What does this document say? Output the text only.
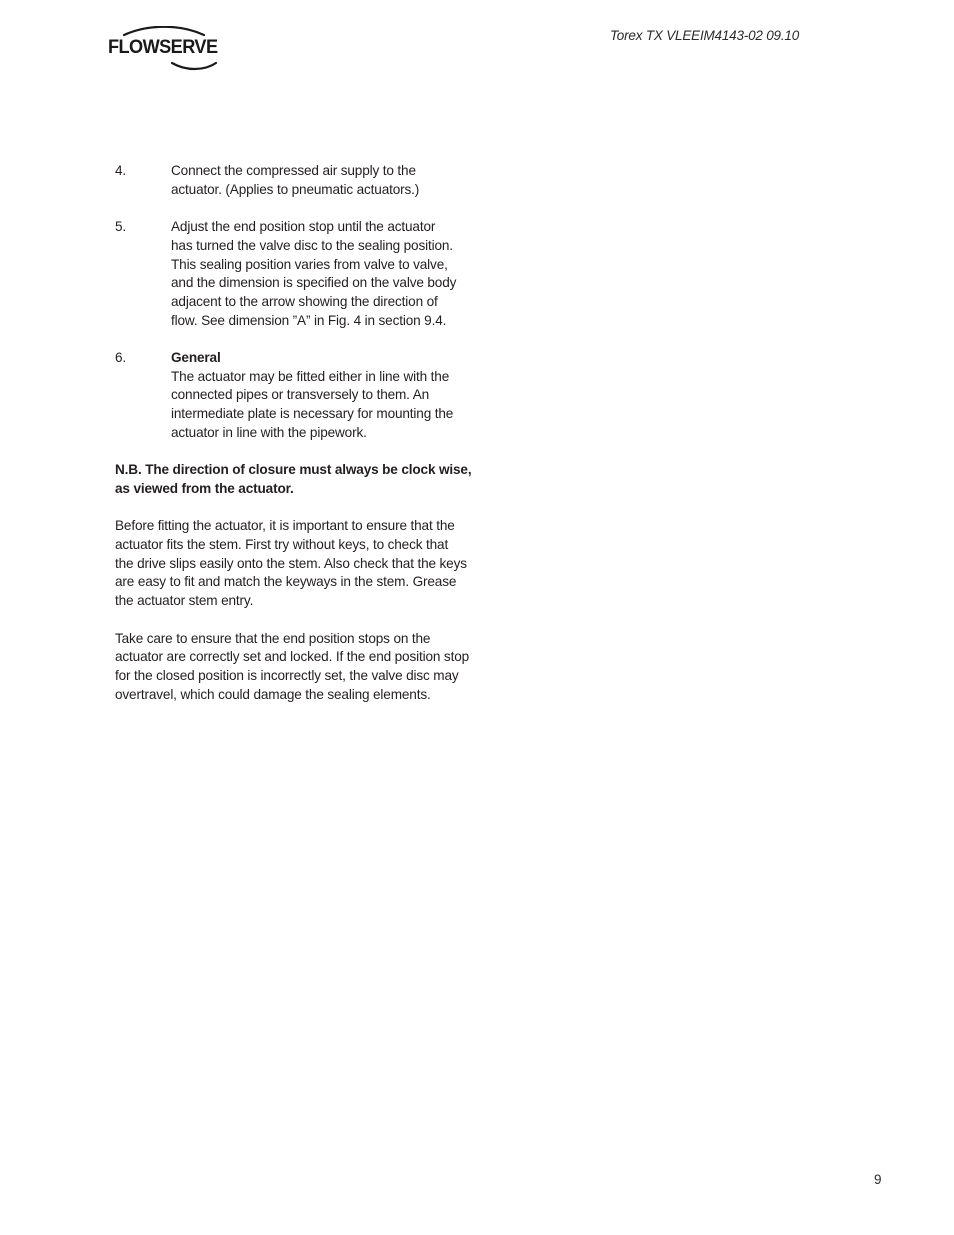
FLOWSERVE
Torex TX VLEEIM4143-02 09.10
4.	Connect the compressed air supply to the
actuator. (Applies to pneumatic actuators.)
5.	Adjust the end position stop until the actuator
has turned the valve disc to the sealing position.
This sealing position varies from valve to valve,
and the dimension is specified on the valve body
adjacent to the arrow showing the direction of
flow. See dimension ”A” in Fig. 4 in section 9.4.
6.	General
The actuator may be fitted either in line with the
connected pipes or transversely to them. An
intermediate plate is necessary for mounting the
actuator in line with the pipework.

N.B. The direction of closure must always be clock wise,
as viewed from the actuator.

Before fitting the actuator, it is important to ensure that the
actuator fits the stem. First try without keys, to check that
the drive slips easily onto the stem. Also check that the keys
are easy to fit and match the keyways in the stem. Grease
the actuator stem entry.

Take care to ensure that the end position stops on the
actuator are correctly set and locked. If the end position stop
for the closed position is incorrectly set, the valve disc may
overtravel, which could damage the sealing elements.

9
